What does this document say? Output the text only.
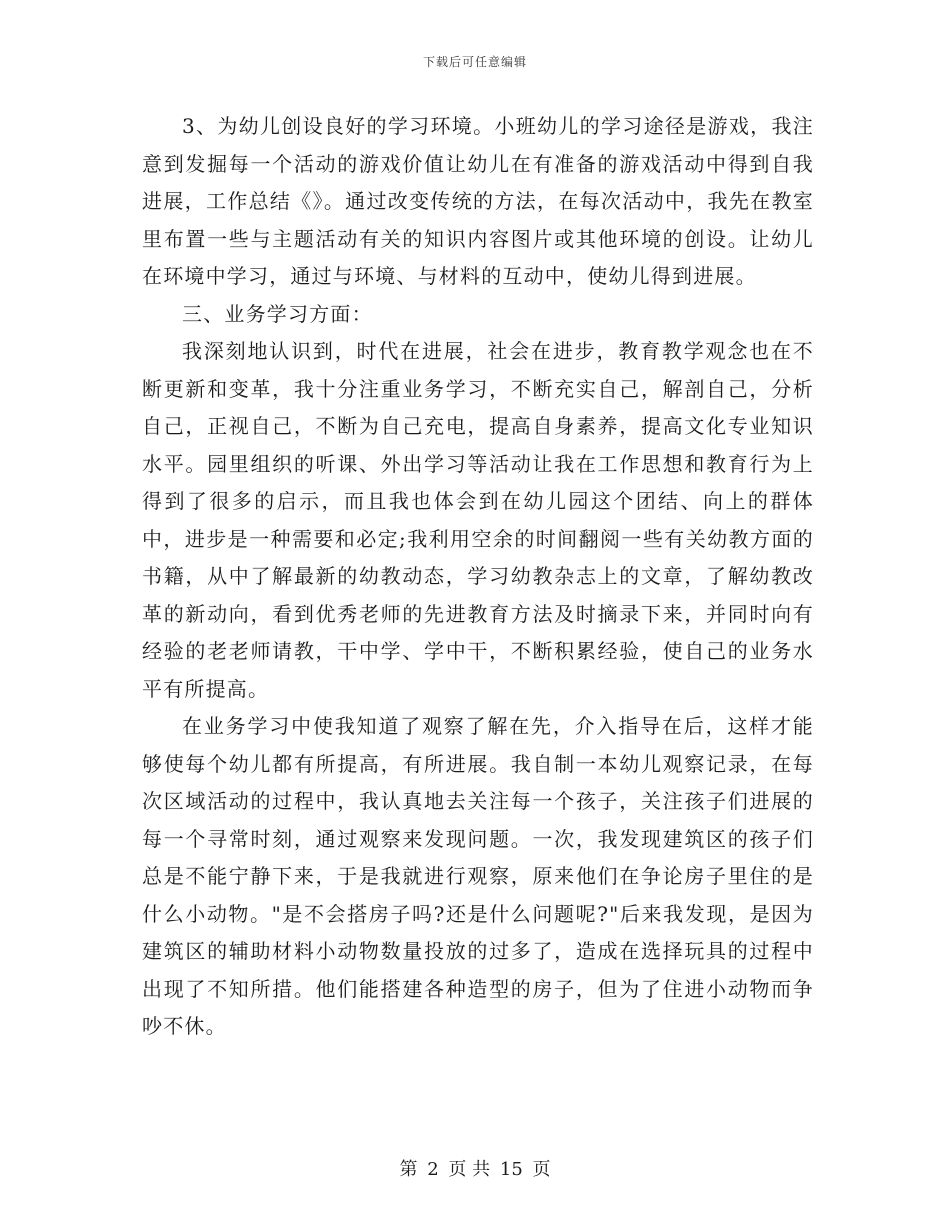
下载后可任意编辑

3、为幼儿创设良好的学习环境。小班幼儿的学习途径是游戏，我注意到发掘每一个活动的游戏价值让幼儿在有准备的游戏活动中得到自我进展，工作总结《》。通过改变传统的方法，在每次活动中，我先在教室里布置一些与主题活动有关的知识内容图片或其他环境的创设。让幼儿在环境中学习，通过与环境、与材料的互动中，使幼儿得到进展。

三、业务学习方面：

我深刻地认识到，时代在进展，社会在进步，教育教学观念也在不断更新和变革，我十分注重业务学习，不断充实自己，解剖自己，分析自己，正视自己，不断为自己充电，提高自身素养，提高文化专业知识水平。园里组织的听课、外出学习等活动让我在工作思想和教育行为上得到了很多的启示，而且我也体会到在幼儿园这个团结、向上的群体中，进步是一种需要和必定;我利用空余的时间翻阅一些有关幼教方面的书籍，从中了解最新的幼教动态，学习幼教杂志上的文章，了解幼教改革的新动向，看到优秀老师的先进教育方法及时摘录下来，并同时向有经验的老老师请教，干中学、学中干，不断积累经验，使自己的业务水平有所提高。

在业务学习中使我知道了观察了解在先，介入指导在后，这样才能够使每个幼儿都有所提高，有所进展。我自制一本幼儿观察记录，在每次区域活动的过程中，我认真地去关注每一个孩子，关注孩子们进展的每一个寻常时刻，通过观察来发现问题。一次，我发现建筑区的孩子们总是不能宁静下来，于是我就进行观察，原来他们在争论房子里住的是什么小动物。"是不会搭房子吗?还是什么问题呢?"后来我发现，是因为建筑区的辅助材料小动物数量投放的过多了，造成在选择玩具的过程中出现了不知所措。他们能搭建各种造型的房子，但为了住进小动物而争吵不休。

第 2 页 共 15 页
